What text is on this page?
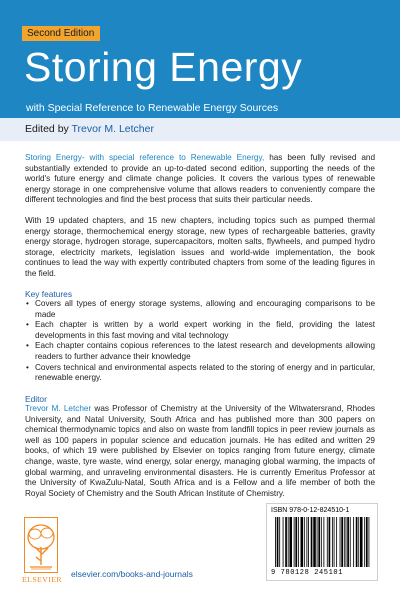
Second Edition
Storing Energy
with Special Reference to Renewable Energy Sources
Edited by Trevor M. Letcher
Storing Energy- with special reference to Renewable Energy, has been fully revised and substantially extended to provide an up-to-dated second edition, supporting the needs of the world's future energy and climate change policies. It covers the various types of renewable energy storage in one comprehensive volume that allows readers to conveniently compare the different technologies and find the best process that suits their particular needs.
With 19 updated chapters, and 15 new chapters, including topics such as pumped thermal energy storage, thermochemical energy storage, new types of rechargeable batteries, gravity energy storage, hydrogen storage, supercapacitors, molten salts, flywheels, and pumped hydro storage, electricity markets, legislation issues and world-wide implementation, the book continues to lead the way with expertly contributed chapters from some of the leading figures in the field.
Key features
• Covers all types of energy storage systems, allowing and encouraging comparisons to be made
• Each chapter is written by a world expert working in the field, providing the latest developments in this fast moving and vital technology
• Each chapter contains copious references to the latest research and developments allowing readers to further advance their knowledge
• Covers technical and environmental aspects related to the storing of energy and in particular, renewable energy.
Editor
Trevor M. Letcher was Professor of Chemistry at the University of the Witwatersrand, Rhodes University, and Natal University, South Africa and has published more than 300 papers on chemical thermodynamic topics and also on waste from landfill topics in peer review journals as well as 100 papers in popular science and education journals. He has edited and written 29 books, of which 19 were published by Elsevier on topics ranging from future energy, climate change, waste, tyre waste, wind energy, solar energy, managing global warming, the impacts of global warming, and unraveling environmental disasters. He is currently Emeritus Professor at the University of KwaZulu-Natal, South Africa and is a Fellow and a life member of both the Royal Society of Chemistry and the South African Institute of Chemistry.
ELSEVIER
elsevier.com/books-and-journals
ISBN 978-0-12-824510-1
9 780128 245101
